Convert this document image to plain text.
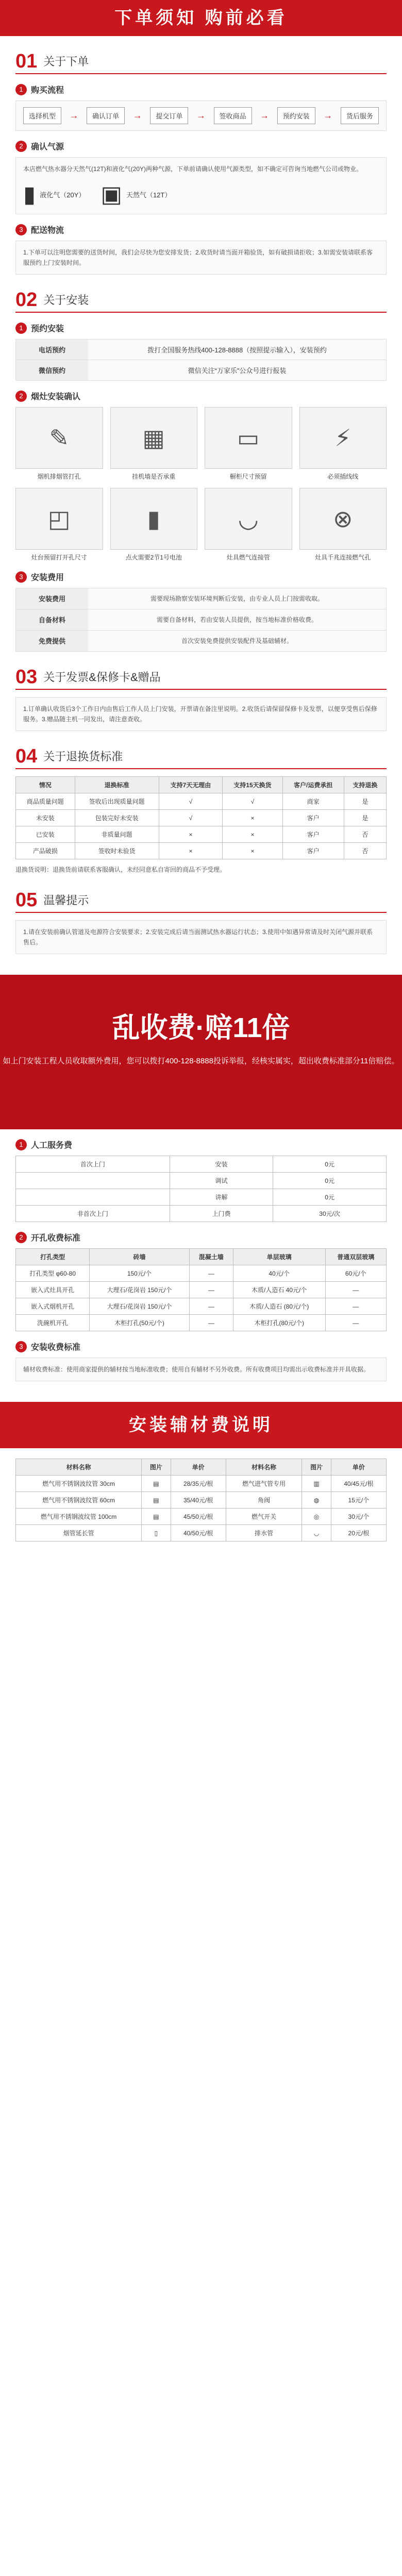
下单须知 购前必看
01 关于下单
1 购买流程
选择机型	→	确认订单	→	提交订单	→	签收商品	→	预约安装	→	货后服务
2 确认气源

本店燃气热水器分天然气(12T)和液化气(20Y)两种气源，下单前请确认使用气源类型，如不确定可咨询当地燃气公司或物业。

▮ 液化气（20Y） ▣ 天然气（12T）
3 配送物流

1.下单可以注明您需要的送货时间，我们会尽快为您安排发货；2.收货时请当面开箱验货，如有破损请拒收；3.如需安装请联系客服预约上门安装时间。

02 关于安装
1 预约安装
电话预约	拨打全国服务热线400-128-8888（按照提示输入），安装预约
微信预约	微信关注“万家乐”公众号进行报装
2 烟灶安装确认
✎
烟机排烟管打孔
▦
挂机墙是否承重
▭
橱柜尺寸预留
⚡
必须插线线
◰
灶台预留打开孔尺寸
▮
点火需要2节1号电池
◡
灶具燃气连接管
⊗
灶具千兆连接燃气孔
3 安装费用
安装费用	需要现场勘察安装环境判断后安装，由专业人员上门按需收取。
自备材料	需要自备材料，若由安装人员提供，按当地标准价格收费。
免费提供	首次安装免费提供安装配件及基础辅材。
03 关于发票&保修卡&赠品

1.订单确认收货后3个工作日内由售后工作人员上门安装，开票请在备注里说明。2.收货后请保留保修卡及发票，以便享受售后保修服务。3.赠品随主机一同发出，请注意查收。

04 关于退换货标准
情况	退换标准	支持7天无理由	支持15天换货	客户/运费承担	支持退换
商品质量问题	签收后出现质量问题	√	√	商家	是
未安装	包装完好未安装	√	×	客户	是
已安装	非质量问题	×	×	客户	否
产品破损	签收时未验货	×	×	客户	否

退换货说明：退换货前请联系客服确认，未经同意私自寄回的商品不予受理。

05 温馨提示

1.请在安装前确认管道及电源符合安装要求；2.安装完成后请当面测试热水器运行状态；3.使用中如遇异常请及时关闭气源并联系售后。

乱收费·赔11倍
如上门安装工程人员收取额外费用，您可以拨打400-128-8888投诉举报，经核实属实，超出收费标准部分11倍赔偿。
1 人工服务费
首次上门	安装	0元
	调试	0元
	讲解	0元
非首次上门	上门费	30元/次
2 开孔收费标准
打孔类型	砖墙	混凝土墙	单层玻璃	普通双层玻璃
打孔类型 φ60-80	150元/个	—	40元/个	60元/个
嵌入式灶具开孔	大理石/花岗岩 150元/个	—	木质/人造石 40元/个	—
嵌入式烟机开孔	大理石/花岗岩 150元/个	—	木质/人造石 (80元/个)	—
洗碗机开孔	木柜打孔(50元/个)	—	木柜打孔(80元/个)	—
3 安装收费标准

辅材收费标准：使用商家提供的辅材按当地标准收费；使用自有辅材不另外收费。所有收费项目均需出示收费标准并开具收据。

安装辅材费说明
材料名称	图片	单价	材料名称	图片	单价
燃气用不锈钢波纹管 30cm	▤	28/35元/根	燃气进气管专用	▥	40/45元/根
燃气用不锈钢波纹管 60cm	▤	35/40元/根	角阀	◍	15元/个
燃气用不锈钢波纹管 100cm	▤	45/50元/根	燃气开关	◎	30元/个
烟管延长管	▯	40/50元/根	排水管	◡	20元/根
